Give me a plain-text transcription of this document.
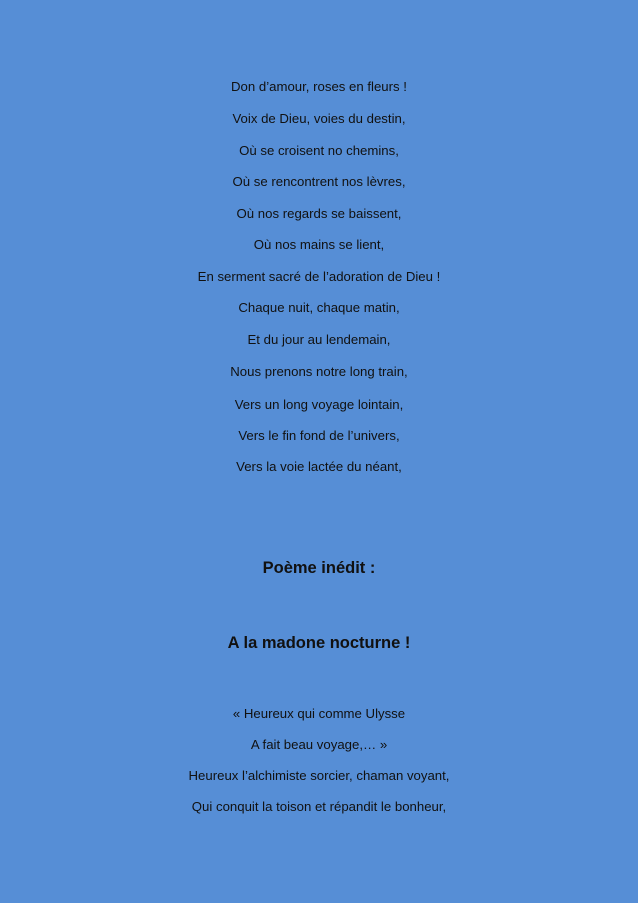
Don d’amour, roses en fleurs !
Voix de Dieu, voies du destin,
Où se croisent no chemins,
Où se rencontrent nos lèvres,
Où nos regards se baissent,
Où nos mains se lient,
En serment sacré de l’adoration de Dieu !
Chaque nuit, chaque matin,
Et du jour au lendemain,
Nous prenons notre long train,
Vers un long voyage lointain,
Vers le fin fond de l’univers,
Vers la voie lactée du néant,
Poème inédit :
A la madone nocturne !
« Heureux qui comme Ulysse
A fait beau voyage,… »
Heureux l’alchimiste sorcier, chaman voyant,
Qui conquit la toison et répandit le bonheur,
